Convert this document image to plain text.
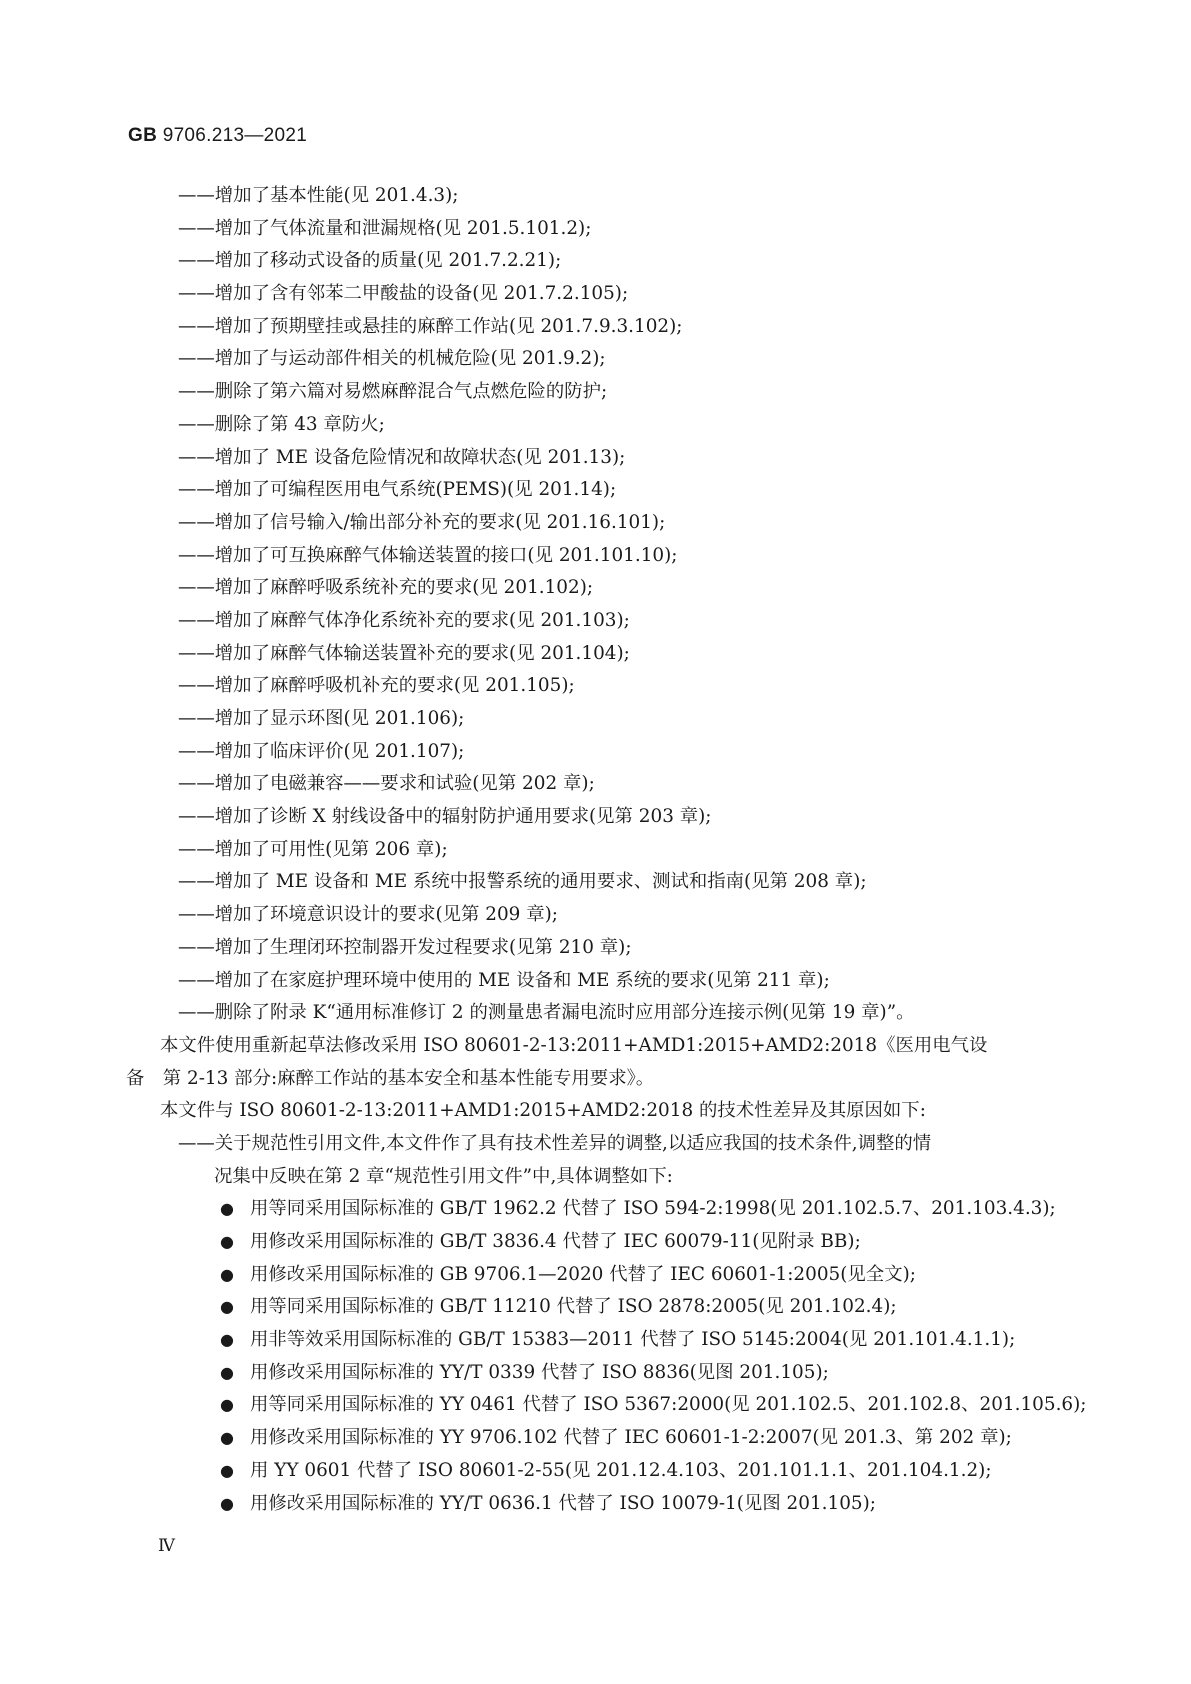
GB 9706.213—2021
——增加了基本性能(见 201.4.3);
——增加了气体流量和泄漏规格(见 201.5.101.2);
——增加了移动式设备的质量(见 201.7.2.21);
——增加了含有邻苯二甲酸盐的设备(见 201.7.2.105);
——增加了预期壁挂或悬挂的麻醉工作站(见 201.7.9.3.102);
——增加了与运动部件相关的机械危险(见 201.9.2);
——删除了第六篇对易燃麻醉混合气点燃危险的防护;
——删除了第 43 章防火;
——增加了 ME 设备危险情况和故障状态(见 201.13);
——增加了可编程医用电气系统(PEMS)(见 201.14);
——增加了信号输入/输出部分补充的要求(见 201.16.101);
——增加了可互换麻醉气体输送装置的接口(见 201.101.10);
——增加了麻醉呼吸系统补充的要求(见 201.102);
——增加了麻醉气体净化系统补充的要求(见 201.103);
——增加了麻醉气体输送装置补充的要求(见 201.104);
——增加了麻醉呼吸机补充的要求(见 201.105);
——增加了显示环图(见 201.106);
——增加了临床评价(见 201.107);
——增加了电磁兼容——要求和试验(见第 202 章);
——增加了诊断 X 射线设备中的辐射防护通用要求(见第 203 章);
——增加了可用性(见第 206 章);
——增加了 ME 设备和 ME 系统中报警系统的通用要求、测试和指南(见第 208 章);
——增加了环境意识设计的要求(见第 209 章);
——增加了生理闭环控制器开发过程要求(见第 210 章);
——增加了在家庭护理环境中使用的 ME 设备和 ME 系统的要求(见第 211 章);
——删除了附录 K“通用标准修订 2 的测量患者漏电流时应用部分连接示例(见第 19 章)”。
本文件使用重新起草法修改采用 ISO 80601-2-13:2011+AMD1:2015+AMD2:2018《医用电气设
备　第 2-13 部分:麻醉工作站的基本安全和基本性能专用要求》。
本文件与 ISO 80601-2-13:2011+AMD1:2015+AMD2:2018 的技术性差异及其原因如下:
——关于规范性引用文件,本文件作了具有技术性差异的调整,以适应我国的技术条件,调整的情
况集中反映在第 2 章“规范性引用文件”中,具体调整如下:
● 用等同采用国际标准的 GB/T 1962.2 代替了 ISO 594-2:1998(见 201.102.5.7、201.103.4.3);
● 用修改采用国际标准的 GB/T 3836.4 代替了 IEC 60079-11(见附录 BB);
● 用修改采用国际标准的 GB 9706.1—2020 代替了 IEC 60601-1:2005(见全文);
● 用等同采用国际标准的 GB/T 11210 代替了 ISO 2878:2005(见 201.102.4);
● 用非等效采用国际标准的 GB/T 15383—2011 代替了 ISO 5145:2004(见 201.101.4.1.1);
● 用修改采用国际标准的 YY/T 0339 代替了 ISO 8836(见图 201.105);
● 用等同采用国际标准的 YY 0461 代替了 ISO 5367:2000(见 201.102.5、201.102.8、201.105.6);
● 用修改采用国际标准的 YY 9706.102 代替了 IEC 60601-1-2:2007(见 201.3、第 202 章);
● 用 YY 0601 代替了 ISO 80601-2-55(见 201.12.4.103、201.101.1.1、201.104.1.2);
● 用修改采用国际标准的 YY/T 0636.1 代替了 ISO 10079-1(见图 201.105);
Ⅳ
